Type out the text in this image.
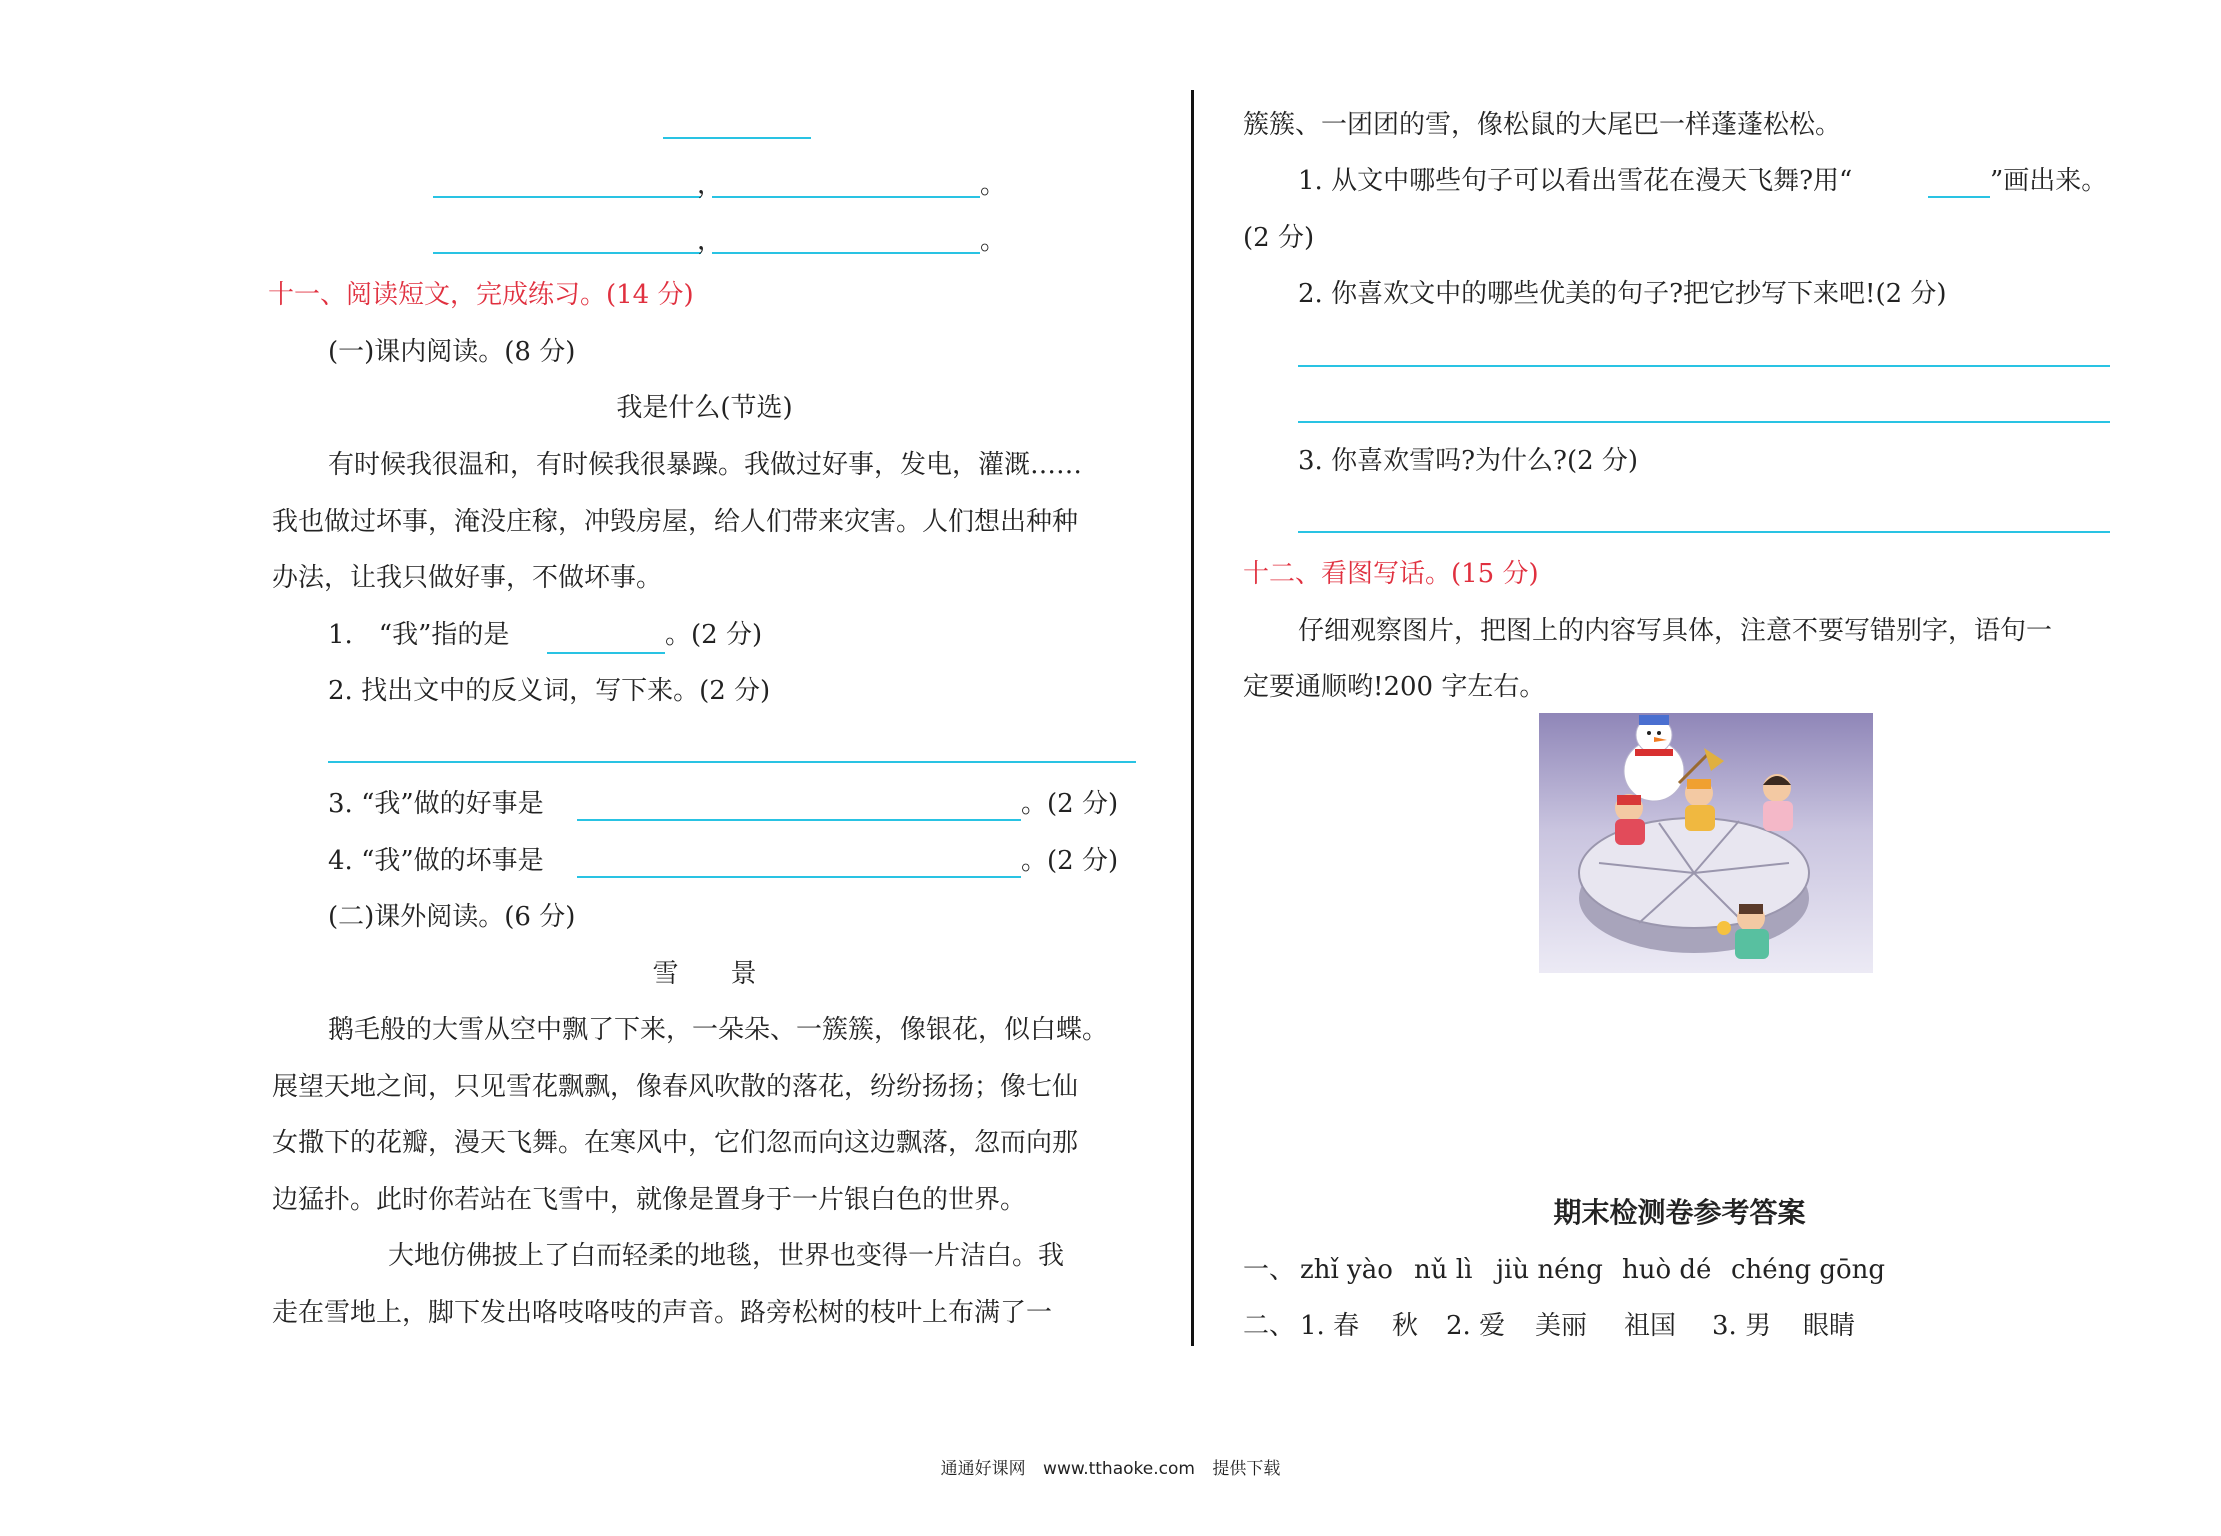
，	。
，	。
十一、阅读短文，完成练习。(14 分)
(一)课内阅读。(8 分)
我是什么(节选)
有时候我很温和，有时候我很暴躁。我做过好事，发电，灌溉……
我也做过坏事，淹没庄稼，冲毁房屋，给人们带来灾害。人们想出种种
办法，让我只做好事，不做坏事。
1.　“我”指的是	。(2 分)
2. 找出文中的反义词，写下来。(2 分)
3. “我”做的好事是	。(2 分)
4. “我”做的坏事是	。(2 分)
(二)课外阅读。(6 分)
雪　　景
鹅毛般的大雪从空中飘了下来，一朵朵、一簇簇，像银花，似白蝶。
展望天地之间，只见雪花飘飘，像春风吹散的落花，纷纷扬扬；像七仙
女撒下的花瓣，漫天飞舞。在寒风中，它们忽而向这边飘落，忽而向那
边猛扑。此时你若站在飞雪中，就像是置身于一片银白色的世界。
大地仿佛披上了白而轻柔的地毯，世界也变得一片洁白。我
走在雪地上，脚下发出咯吱咯吱的声音。路旁松树的枝叶上布满了一
簇簇、一团团的雪，像松鼠的大尾巴一样蓬蓬松松。
1. 从文中哪些句子可以看出雪花在漫天飞舞?用“	”画出来。
(2 分)
2. 你喜欢文中的哪些优美的句子?把它抄写下来吧!(2 分)
3. 你喜欢雪吗?为什么?(2 分)
十二、看图写话。(15 分)
仔细观察图片，把图上的内容写具体，注意不要写错别字，语句一
定要通顺哟!200 字左右。
期末检测卷参考答案
一、 zhǐ yào nǔ lì jiù néng huò dé chéng gōng
二、 1. 春 秋 2. 爱 美丽 祖国 3. 男 眼睛
通通好课网 www.tthaoke.com 提供下载
